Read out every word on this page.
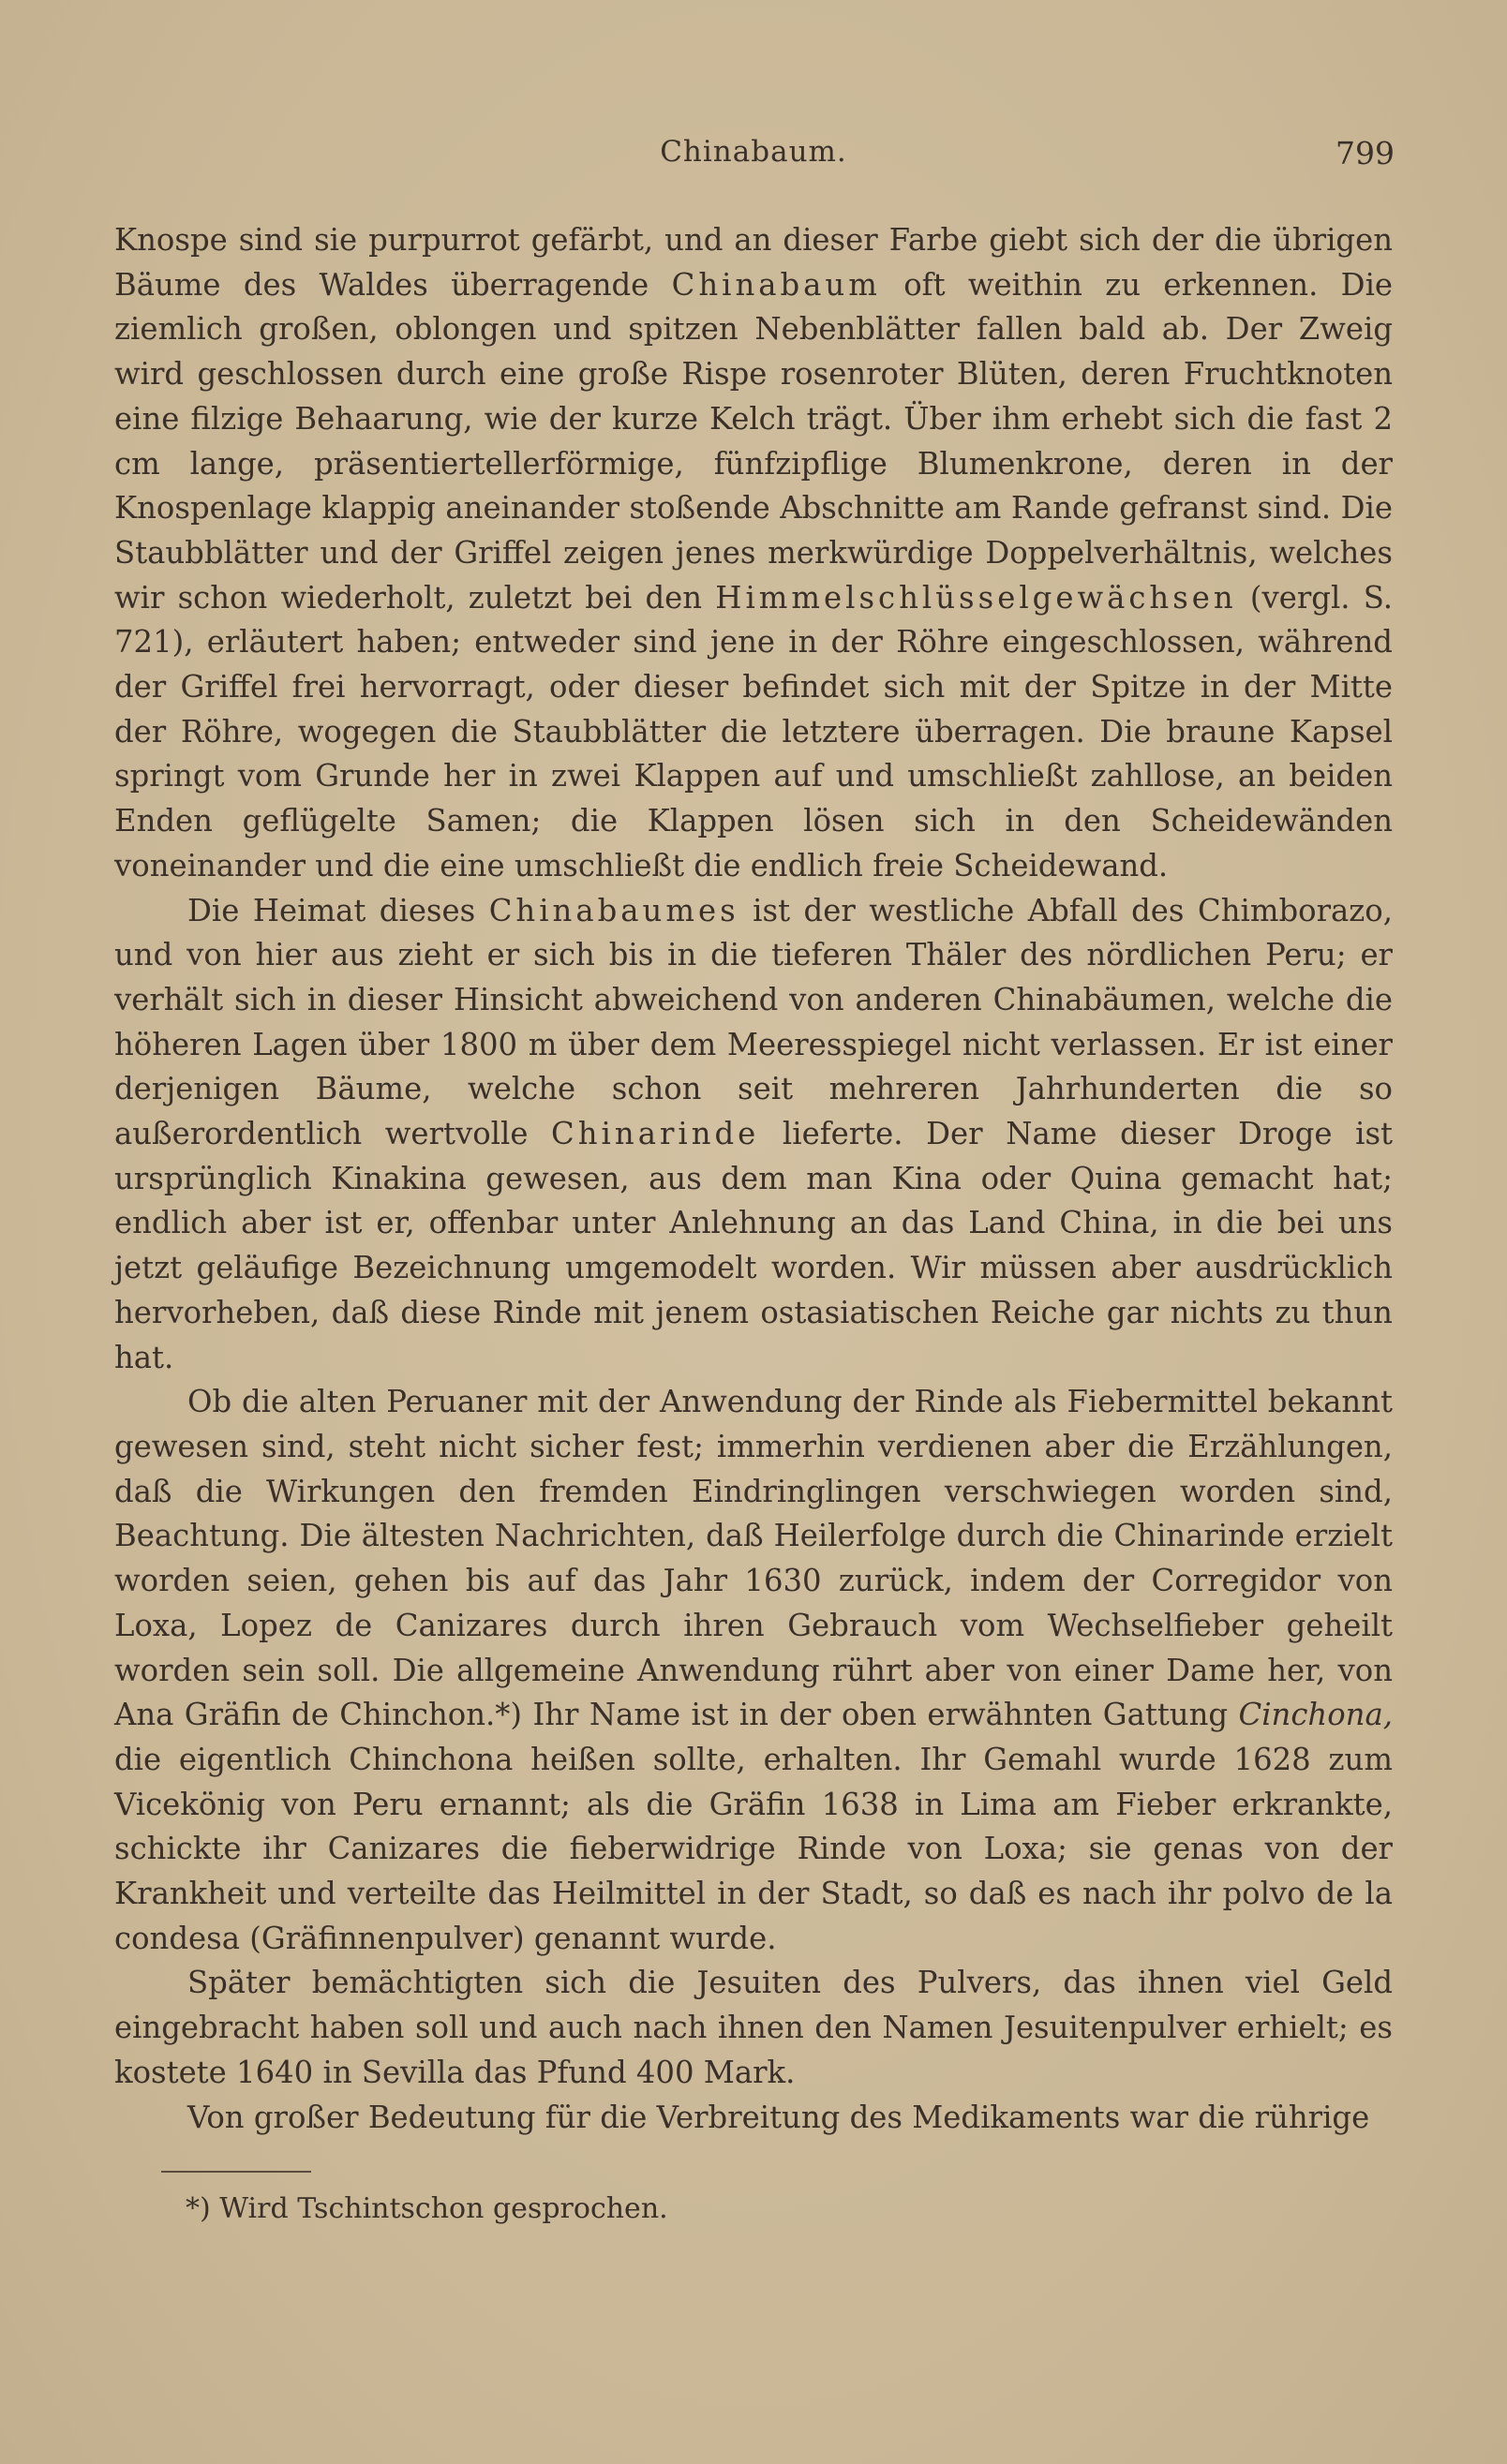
Chinabaum.	799

Knospe sind sie purpurrot gefärbt, und an dieser Farbe giebt sich der die übrigen Bäume des Waldes überragende Chinabaum oft weithin zu erkennen. Die ziemlich großen, oblongen und spitzen Nebenblätter fallen bald ab. Der Zweig wird geschlossen durch eine große Rispe rosenroter Blüten, deren Fruchtknoten eine filzige Behaarung, wie der kurze Kelch trägt. Über ihm erhebt sich die fast 2 cm lange, präsentiertellerförmige, fünfzipflige Blumenkrone, deren in der Knospenlage klappig aneinander stoßende Abschnitte am Rande gefranst sind. Die Staubblätter und der Griffel zeigen jenes merkwürdige Doppelverhältnis, welches wir schon wiederholt, zuletzt bei den Himmelschlüsselgewächsen (vergl. S. 721), erläutert haben; entweder sind jene in der Röhre eingeschlossen, während der Griffel frei hervorragt, oder dieser befindet sich mit der Spitze in der Mitte der Röhre, wogegen die Staubblätter die letztere überragen. Die braune Kapsel springt vom Grunde her in zwei Klappen auf und umschließt zahllose, an beiden Enden geflügelte Samen; die Klappen lösen sich in den Scheidewänden voneinander und die eine umschließt die endlich freie Scheidewand.

Die Heimat dieses Chinabaumes ist der westliche Abfall des Chimborazo, und von hier aus zieht er sich bis in die tieferen Thäler des nördlichen Peru; er verhält sich in dieser Hinsicht abweichend von anderen Chinabäumen, welche die höheren Lagen über 1800 m über dem Meeresspiegel nicht verlassen. Er ist einer derjenigen Bäume, welche schon seit mehreren Jahrhunderten die so außerordentlich wertvolle Chinarinde lieferte. Der Name dieser Droge ist ursprünglich Kinakina gewesen, aus dem man Kina oder Quina gemacht hat; endlich aber ist er, offenbar unter Anlehnung an das Land China, in die bei uns jetzt geläufige Bezeichnung umgemodelt worden. Wir müssen aber ausdrücklich hervorheben, daß diese Rinde mit jenem ostasiatischen Reiche gar nichts zu thun hat.

Ob die alten Peruaner mit der Anwendung der Rinde als Fiebermittel bekannt gewesen sind, steht nicht sicher fest; immerhin verdienen aber die Erzählungen, daß die Wirkungen den fremden Eindringlingen verschwiegen worden sind, Beachtung. Die ältesten Nachrichten, daß Heilerfolge durch die Chinarinde erzielt worden seien, gehen bis auf das Jahr 1630 zurück, indem der Corregidor von Loxa, Lopez de Canizares durch ihren Gebrauch vom Wechselfieber geheilt worden sein soll. Die allgemeine Anwendung rührt aber von einer Dame her, von Ana Gräfin de Chinchon.*) Ihr Name ist in der oben erwähnten Gattung Cinchona, die eigentlich Chinchona heißen sollte, erhalten. Ihr Gemahl wurde 1628 zum Vicekönig von Peru ernannt; als die Gräfin 1638 in Lima am Fieber erkrankte, schickte ihr Canizares die fieberwidrige Rinde von Loxa; sie genas von der Krankheit und verteilte das Heilmittel in der Stadt, so daß es nach ihr polvo de la condesa (Gräfinnenpulver) genannt wurde.

Später bemächtigten sich die Jesuiten des Pulvers, das ihnen viel Geld eingebracht haben soll und auch nach ihnen den Namen Jesuitenpulver erhielt; es kostete 1640 in Sevilla das Pfund 400 Mark.

Von großer Bedeutung für die Verbreitung des Medikaments war die rührige

*) Wird Tschintschon gesprochen.
